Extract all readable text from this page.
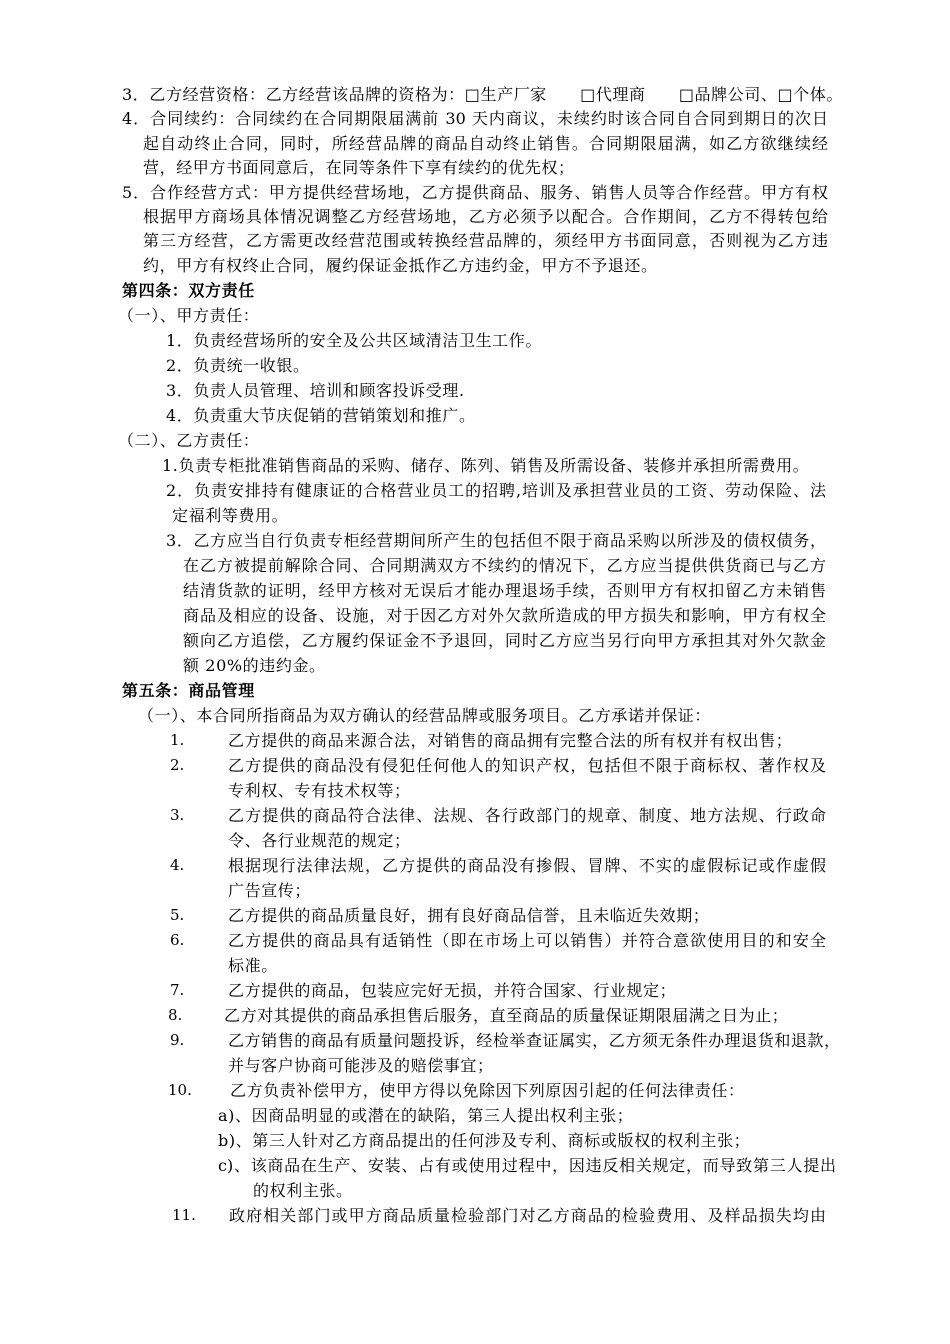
3．乙方经营资格：乙方经营该品牌的资格为：□生产厂家　　□代理商　　□品牌公司、□个体。
4．合同续约：合同续约在合同期限届满前 30 天内商议，未续约时该合同自合同到期日的次日
起自动终止合同，同时，所经营品牌的商品自动终止销售。合同期限届满，如乙方欲继续经
营，经甲方书面同意后，在同等条件下享有续约的优先权；
5．合作经营方式：甲方提供经营场地，乙方提供商品、服务、销售人员等合作经营。甲方有权
根据甲方商场具体情况调整乙方经营场地，乙方必须予以配合。合作期间，乙方不得转包给
第三方经营，乙方需更改经营范围或转换经营品牌的，须经甲方书面同意，否则视为乙方违
约，甲方有权终止合同，履约保证金抵作乙方违约金，甲方不予退还。
第四条：双方责任
（一）、甲方责任：
1．负责经营场所的安全及公共区域清洁卫生工作。
2．负责统一收银。
3．负责人员管理、培训和顾客投诉受理.
4．负责重大节庆促销的营销策划和推广。
（二）、乙方责任：
1.负责专柜批准销售商品的采购、储存、陈列、销售及所需设备、装修并承担所需费用。
2．负责安排持有健康证的合格营业员工的招聘,培训及承担营业员的工资、劳动保险、法
定福利等费用。
3．乙方应当自行负责专柜经营期间所产生的包括但不限于商品采购以所涉及的债权债务，
在乙方被提前解除合同、合同期满双方不续约的情况下，乙方应当提供供货商已与乙方
结清货款的证明，经甲方核对无误后才能办理退场手续，否则甲方有权扣留乙方未销售
商品及相应的设备、设施，对于因乙方对外欠款所造成的甲方损失和影响，甲方有权全
额向乙方追偿，乙方履约保证金不予退回，同时乙方应当另行向甲方承担其对外欠款金
额 20%的违约金。
第五条：商品管理
（一）、本合同所指商品为双方确认的经营品牌或服务项目。乙方承诺并保证：
1.	乙方提供的商品来源合法，对销售的商品拥有完整合法的所有权并有权出售；
2.	乙方提供的商品没有侵犯任何他人的知识产权，包括但不限于商标权、著作权及
专利权、专有技术权等；
3.	乙方提供的商品符合法律、法规、各行政部门的规章、制度、地方法规、行政命
令、各行业规范的规定；
4.	根据现行法律法规，乙方提供的商品没有掺假、冒牌、不实的虚假标记或作虚假
广告宣传；
5.	乙方提供的商品质量良好，拥有良好商品信誉，且未临近失效期；
6.	乙方提供的商品具有适销性（即在市场上可以销售）并符合意欲使用目的和安全
标准。
7.	乙方提供的商品，包装应完好无损，并符合国家、行业规定；
8.	乙方对其提供的商品承担售后服务，直至商品的质量保证期限届满之日为止；
9.	乙方销售的商品有质量问题投诉，经检举查证属实，乙方须无条件办理退货和退款，
并与客户协商可能涉及的赔偿事宜；
10. 乙方负责补偿甲方，使甲方得以免除因下列原因引起的任何法律责任：
a)、因商品明显的或潜在的缺陷，第三人提出权利主张；
b)、第三人针对乙方商品提出的任何涉及专利、商标或版权的权利主张；
c)、该商品在生产、安装、占有或使用过程中，因违反相关规定，而导致第三人提出
的权利主张。
11. 政府相关部门或甲方商品质量检验部门对乙方商品的检验费用、及样品损失均由
